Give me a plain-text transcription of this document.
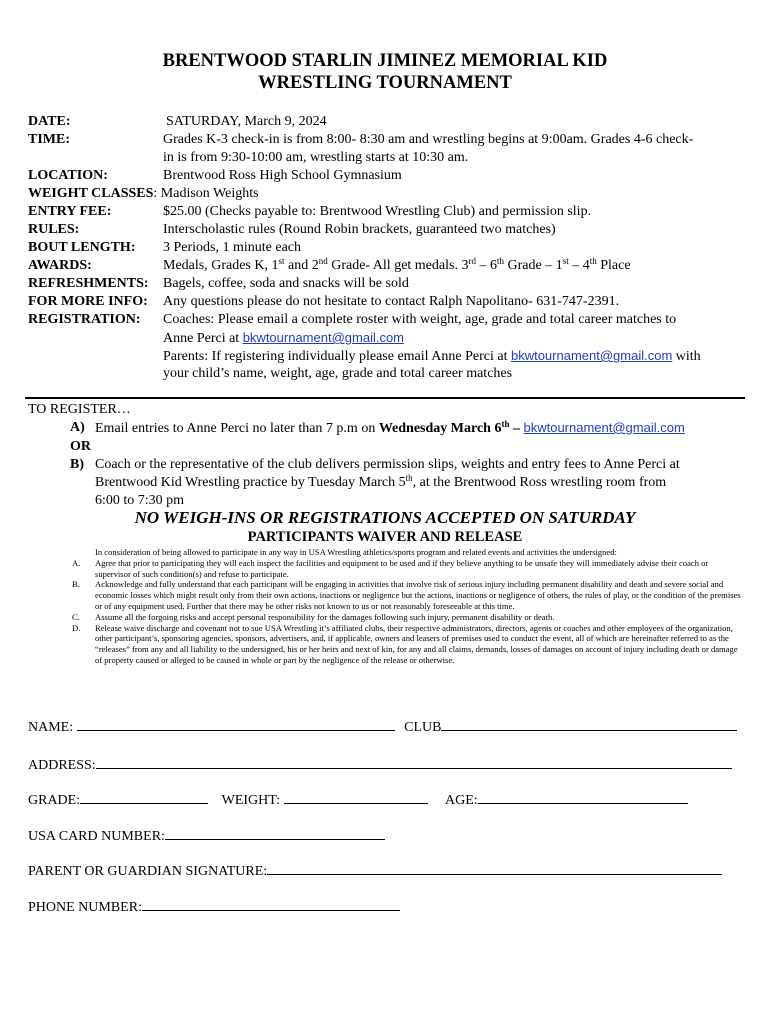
BRENTWOOD STARLIN JIMINEZ MEMORIAL KID
WRESTLING TOURNAMENT
DATE:	SATURDAY, March 9, 2024
TIME:	Grades K-3 check-in is from 8:00- 8:30 am and wrestling begins at 9:00am. Grades 4-6 check-
in is from 9:30-10:00 am, wrestling starts at 10:30 am.
LOCATION:	Brentwood Ross High School Gymnasium
WEIGHT CLASSES: Madison Weights
ENTRY FEE:	$25.00 (Checks payable to: Brentwood Wrestling Club) and permission slip.
RULES:	Interscholastic rules (Round Robin brackets, guaranteed two matches)
BOUT LENGTH: 3 Periods, 1 minute each
AWARDS:	Medals, Grades K, 1st and 2nd Grade- All get medals. 3rd – 6th Grade – 1st – 4th Place
REFRESHMENTS: Bagels, coffee, soda and snacks will be sold
FOR MORE INFO: Any questions please do not hesitate to contact Ralph Napolitano- 631-747-2391.
REGISTRATION: Coaches: Please email a complete roster with weight, age, grade and total career matches to
Anne Perci at bkwtournament@gmail.com
Parents: If registering individually please email Anne Perci at bkwtournament@gmail.com with
your child’s name, weight, age, grade and total career matches
TO REGISTER…
A) Email entries to Anne Perci no later than 7 p.m on Wednesday March 6th – bkwtournament@gmail.com
OR
B) Coach or the representative of the club delivers permission slips, weights and entry fees to Anne Perci at
Brentwood Kid Wrestling practice by Tuesday March 5th, at the Brentwood Ross wrestling room from
6:00 to 7:30 pm
NO WEIGH-INS OR REGISTRATIONS ACCEPTED ON SATURDAY
PARTICIPANTS WAIVER AND RELEASE
In consideration of being allowed to participate in any way in USA Wrestling athletics/sports program and related events and activities the undersigned:
A. Agree that prior to participating they will each inspect the facilities and equipment to be used and if they believe anything to be unsafe they will immediately advise their coach or supervisor of such condition(s) and refuse to participate.
B. Acknowledge and fully understand that each participant will be engaging in activities that involve risk of serious injury including permanent disability and death and severe social and economic losses which might result only from their own actions, inactions or negligence but the actions, inactions or negligence of others, the rules of play, or the condition of the premises or of any equipment used. Further that there may be other risks not known to us or not reasonably foreseeable at this time.
C. Assume all the forgoing risks and accept personal responsibility for the damages following such injury, permanent disability or death.
D. Release waive discharge and covenant not to sue USA Wrestling it’s affiliated clubs, their respective administrators, directors, agents or coaches and other employees of the organization, other participant’s, sponsoring agencies, sponsors, advertisers, and, if applicable, owners and leasers of premises used to conduct the event, all of which are hereinafter referred to as the “releases” from any and all liability to the undersigned, his or her heirs and next of kin, for any and all claims, demands, losses of damages on account of injury including death or damage of property caused or alleged to be caused in whole or part by the negligence of the release or otherwise.
NAME:	CLUB
ADDRESS:
GRADE:	WEIGHT:	AGE:
USA CARD NUMBER:
PARENT OR GUARDIAN SIGNATURE:
PHONE NUMBER:
